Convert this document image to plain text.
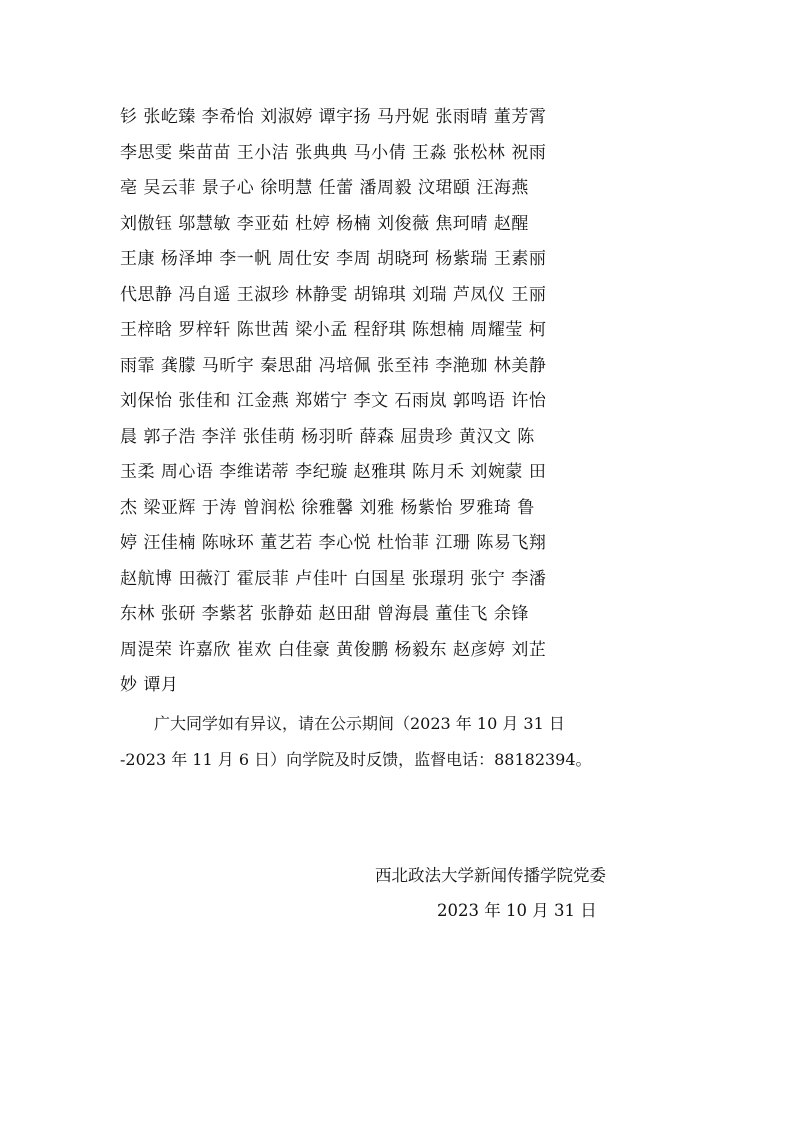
钐 张屹臻 李希怡 刘淑婷 谭宇扬 马丹妮 张雨晴 董芳霄
李思雯 柴苗苗 王小洁 张典典 马小倩 王淼 张松林 祝雨
亳 吴云菲 景子心 徐明慧 任蕾 潘周毅 汶珺頤 汪海燕
刘傲钰 邬慧敏 李亚茹 杜婷 杨楠 刘俊薇 焦珂晴 赵醒
王康 杨泽坤 李一帆 周仕安 李周 胡晓珂 杨紫瑞 王素丽
代思静 冯自遥 王淑珍 林静雯 胡锦琪 刘瑞 芦凤仪 王丽
王梓晗 罗梓轩 陈世茜 梁小孟 程舒琪 陈想楠 周耀莹 柯
雨霏 龚朦 马昕宇 秦思甜 冯培佩 张至祎 李滟珈 林美静
刘保怡 张佳和 江金燕 郑婼宁 李文 石雨岚 郭鸣语 许怡
晨 郭子浩 李洋 张佳萌 杨羽昕 薛森 屈贵珍 黄汉文 陈
玉柔 周心语 李维诺蒂 李纪璇 赵雅琪 陈月禾 刘婉蒙 田
杰 梁亚辉 于涛 曾润松 徐雅馨 刘雅 杨紫怡 罗雅琦 鲁
婷 汪佳楠 陈咏环 董艺若 李心悦 杜怡菲 江珊 陈易飞翔
赵航博 田薇汀 霍辰菲 卢佳叶 白国星 张璟玥 张宁 李潘
东林 张研 李紫茗 张静茹 赵田甜 曾海晨 董佳飞 余锋
周湜荣 许嘉欣 崔欢 白佳豪 黄俊鹏 杨毅东 赵彦婷 刘芷
妙 谭月
广大同学如有异议，请在公示期间（2023 年 10 月 31 日
-2023 年 11 月 6 日）向学院及时反馈，监督电话：88182394。
西北政法大学新闻传播学院党委
2023 年 10 月 31 日
